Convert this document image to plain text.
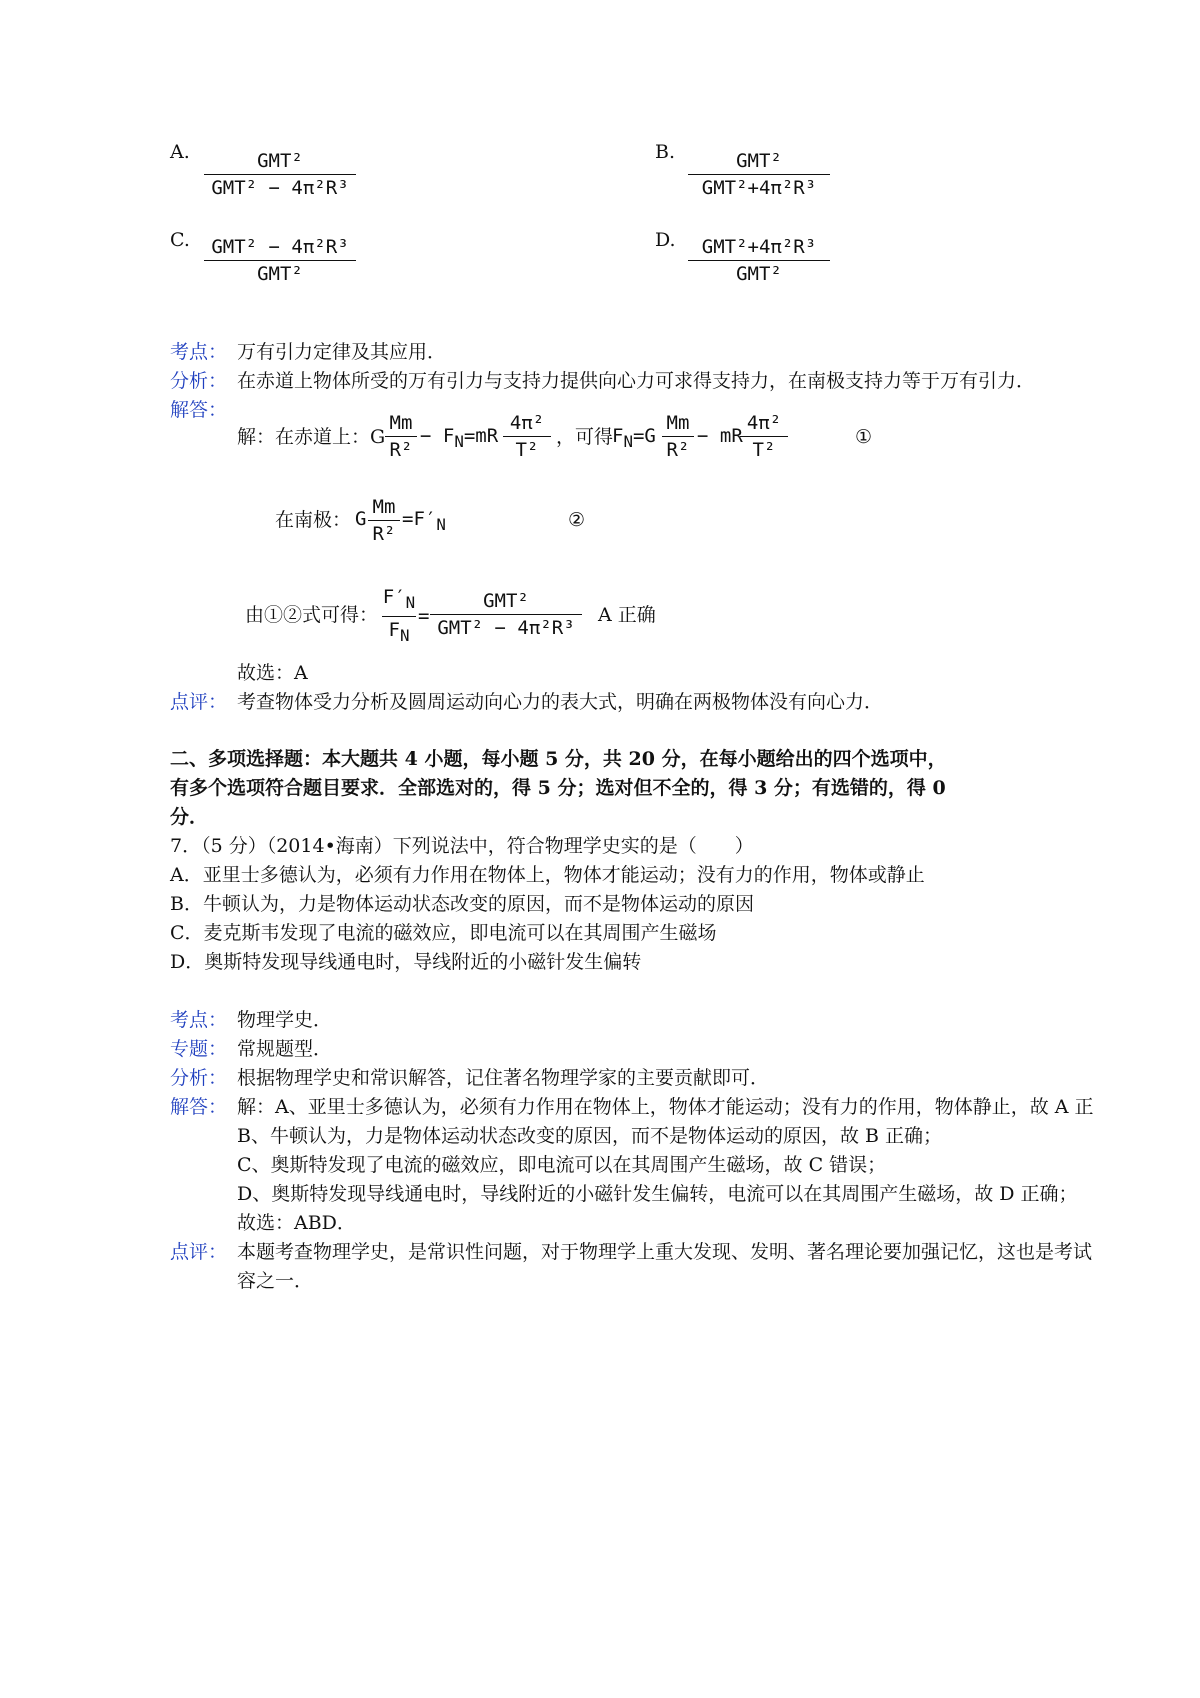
A.	GMT²
GMT² − 4π²R³
B.	GMT²
GMT²+4π²R³
C.	GMT² − 4π²R³
GMT²
D.	GMT²+4π²R³
GMT²
考点： 万有引力定律及其应用．
分析： 在赤道上物体所受的万有引力与支持力提供向心力可求得支持力，在南极支持力等于万有引力．
解答：
解：在赤道上：G
Mm
R²
− $F_N=mR$
4π²
T²
，可得
$F_N=G$
Mm
R²
− mR
4π²
T²
①
在南极： G
Mm
R²
$=F'_N$	②
由①②式可得：
$F'_N$
$F_N$
=
GMT²
GMT² − 4π²R³
A 正确
故选：A
点评： 考查物体受力分析及圆周运动向心力的表大式，明确在两极物体没有向心力．
二、多项选择题：本大题共 4 小题，每小题 5 分，共 20 分，在每小题给出的四个选项中，
有多个选项符合题目要求．全部选对的，得 5 分；选对但不全的，得 3 分；有选错的，得 0
分．
7．（5 分）（2014•海南）下列说法中，符合物理学史实的是（　　）
A．亚里士多德认为，必须有力作用在物体上，物体才能运动；没有力的作用，物体或静止
B．牛顿认为，力是物体运动状态改变的原因，而不是物体运动的原因
C．麦克斯韦发现了电流的磁效应，即电流可以在其周围产生磁场
D．奥斯特发现导线通电时，导线附近的小磁针发生偏转
考点： 物理学史．
专题： 常规题型．
分析： 根据物理学史和常识解答，记住著名物理学家的主要贡献即可．
解答： 解：A、亚里士多德认为，必须有力作用在物体上，物体才能运动；没有力的作用，物体静止，故 A 正
B、牛顿认为，力是物体运动状态改变的原因，而不是物体运动的原因，故 B 正确；
C、奥斯特发现了电流的磁效应，即电流可以在其周围产生磁场，故 C 错误；
D、奥斯特发现导线通电时，导线附近的小磁针发生偏转，电流可以在其周围产生磁场，故 D 正确；
故选：ABD．
点评： 本题考查物理学史，是常识性问题，对于物理学上重大发现、发明、著名理论要加强记忆，这也是考试
容之一．
